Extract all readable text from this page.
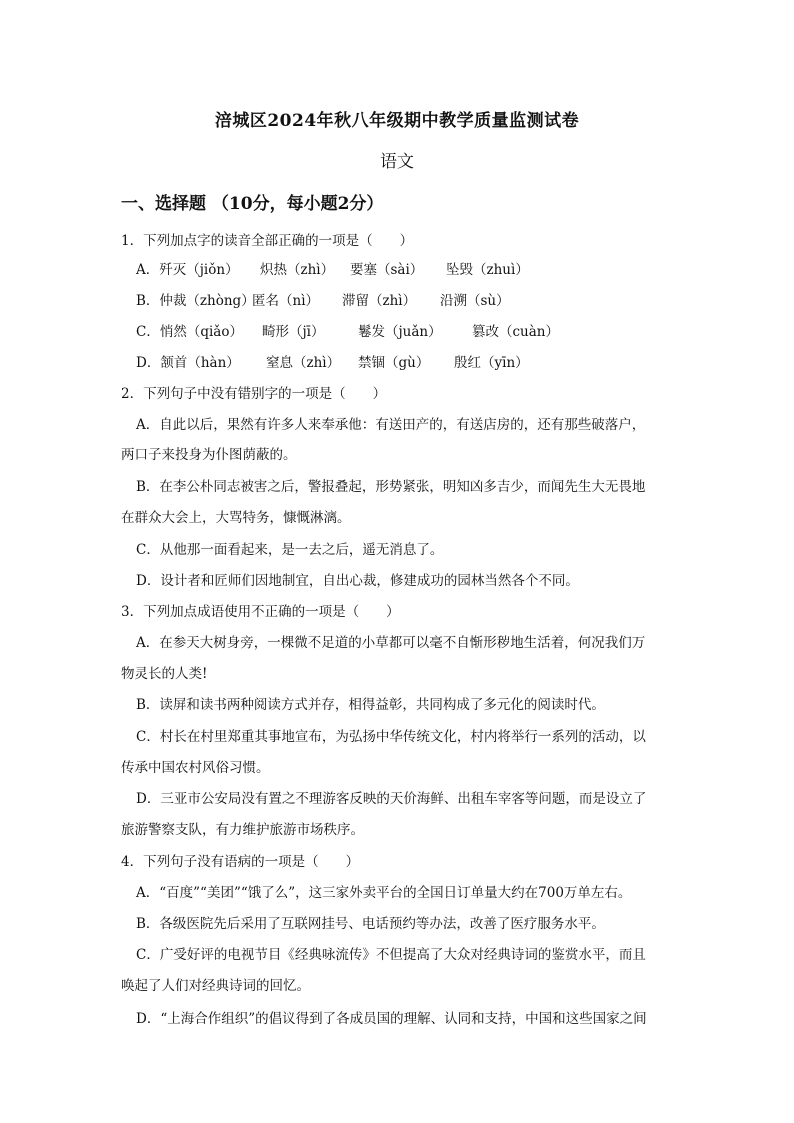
涪城区2024年秋八年级期中教学质量监测试卷
语文
一、选择题 （10分，每小题2分）
1．下列加点字的读音全部正确的一项是（　　）
A．歼灭（jiǒn） 炽热（zhì） 要塞（sài） 坠毁（zhuì）
B．仲裁（zhòng）
匿名（nì） 滞留（zhì） 沿溯（sù）
C．悄然（qiǎo） 畸形（jī） 鬈发（juǎn） 篡改（cuàn）
D．颔首（hàn） 窒息（zhì） 禁锢（gù） 殷红（yīn）
2．下列句子中没有错别字的一项是（　　）
A．自此以后，果然有许多人来奉承他：有送田产的，有送店房的，还有那些破落户，
两口子来投身为仆图荫蔽的。
B．在李公朴同志被害之后，警报叠起，形势紧张，明知凶多吉少，而闻先生大无畏地
在群众大会上，大骂特务，慷慨淋漓。
C．从他那一面看起来，是一去之后，遥无消息了。
D．设计者和匠师们因地制宜，自出心裁，修建成功的园林当然各个不同。
3．下列加点成语使用不正确的一项是（　　）
A．在参天大树身旁，一棵微不足道的小草都可以毫不自惭形秽地生活着，何况我们万
物灵长的人类!
B．读屏和读书两种阅读方式并存，相得益彰，共同构成了多元化的阅读时代。
C．村长在村里郑重其事地宣布，为弘扬中华传统文化，村内将举行一系列的活动，以
传承中国农村风俗习惯。
D．三亚市公安局没有置之不理游客反映的天价海鲜、出租车宰客等问题，而是设立了
旅游警察支队，有力维护旅游市场秩序。
4．下列句子没有语病的一项是（　　）
A．“百度”“美团”“饿了么”，这三家外卖平台的全国日订单量大约在700万单左右。
B．各级医院先后采用了互联网挂号、电话预约等办法，改善了医疗服务水平。
C．广受好评的电视节目《经典咏流传》不但提高了大众对经典诗词的鉴赏水平，而且
唤起了人们对经典诗词的回忆。
D．“上海合作组织”的倡议得到了各成员国的理解、认同和支持，中国和这些国家之间
